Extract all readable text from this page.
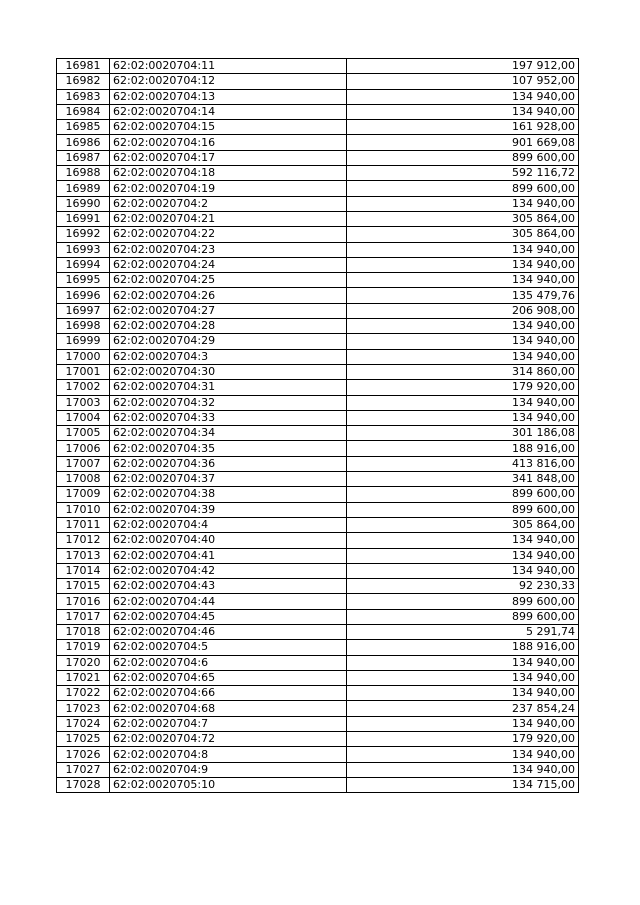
16981	62:02:0020704:11	197 912,00
16982	62:02:0020704:12	107 952,00
16983	62:02:0020704:13	134 940,00
16984	62:02:0020704:14	134 940,00
16985	62:02:0020704:15	161 928,00
16986	62:02:0020704:16	901 669,08
16987	62:02:0020704:17	899 600,00
16988	62:02:0020704:18	592 116,72
16989	62:02:0020704:19	899 600,00
16990	62:02:0020704:2	134 940,00
16991	62:02:0020704:21	305 864,00
16992	62:02:0020704:22	305 864,00
16993	62:02:0020704:23	134 940,00
16994	62:02:0020704:24	134 940,00
16995	62:02:0020704:25	134 940,00
16996	62:02:0020704:26	135 479,76
16997	62:02:0020704:27	206 908,00
16998	62:02:0020704:28	134 940,00
16999	62:02:0020704:29	134 940,00
17000	62:02:0020704:3	134 940,00
17001	62:02:0020704:30	314 860,00
17002	62:02:0020704:31	179 920,00
17003	62:02:0020704:32	134 940,00
17004	62:02:0020704:33	134 940,00
17005	62:02:0020704:34	301 186,08
17006	62:02:0020704:35	188 916,00
17007	62:02:0020704:36	413 816,00
17008	62:02:0020704:37	341 848,00
17009	62:02:0020704:38	899 600,00
17010	62:02:0020704:39	899 600,00
17011	62:02:0020704:4	305 864,00
17012	62:02:0020704:40	134 940,00
17013	62:02:0020704:41	134 940,00
17014	62:02:0020704:42	134 940,00
17015	62:02:0020704:43	92 230,33
17016	62:02:0020704:44	899 600,00
17017	62:02:0020704:45	899 600,00
17018	62:02:0020704:46	5 291,74
17019	62:02:0020704:5	188 916,00
17020	62:02:0020704:6	134 940,00
17021	62:02:0020704:65	134 940,00
17022	62:02:0020704:66	134 940,00
17023	62:02:0020704:68	237 854,24
17024	62:02:0020704:7	134 940,00
17025	62:02:0020704:72	179 920,00
17026	62:02:0020704:8	134 940,00
17027	62:02:0020704:9	134 940,00
17028	62:02:0020705:10	134 715,00
